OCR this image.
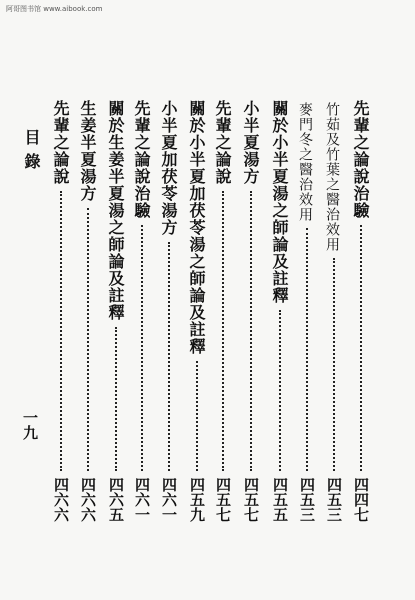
阿哥图书馆 www.aibook.com
先輩之論說治驗
四四七
竹茹及竹葉之醫治效用
四五三
麥門冬之醫治效用
四五三
關於小半夏湯之師論及註釋
四五五
小半夏湯方
四五七
先輩之論說
四五七
關於小半夏加茯苓湯之師論及註釋
四五九
小半夏加茯苓湯方
四六一
先輩之論說治驗
四六一
關於生姜半夏湯之師論及註釋
四六五
生姜半夏湯方
四六六
先輩之論說
四六六
目錄
一九
